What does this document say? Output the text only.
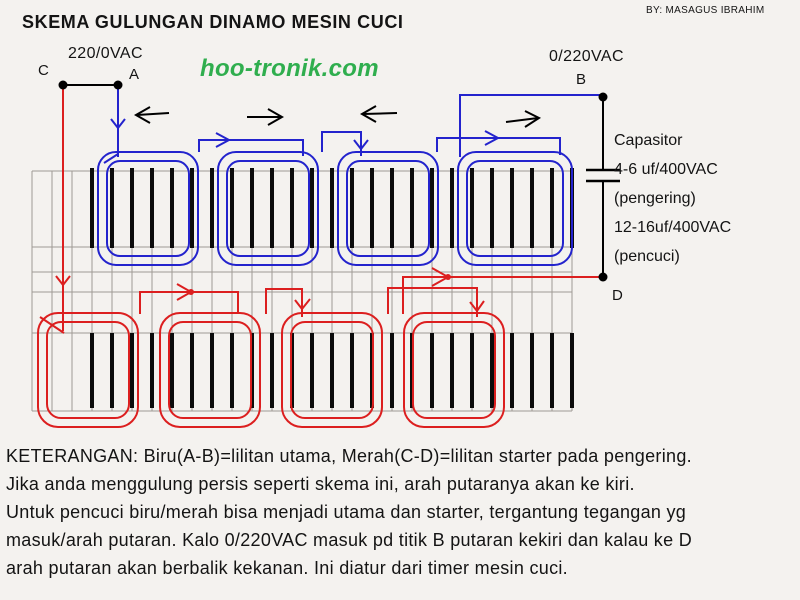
SKEMA GULUNGAN DINAMO MESIN CUCI
BY: MASAGUS IBRAHIM
220/0VAC
hoo-tronik.com	0/220VAC
C	A	B
D
Capasitor
4-6 uf/400VAC
(pengering)
12-16uf/400VAC
(pencuci)
KETERANGAN: Biru(A-B)=lilitan utama, Merah(C-D)=lilitan starter pada pengering.
Jika anda menggulung persis seperti skema ini, arah putaranya akan ke kiri.
Untuk pencuci biru/merah bisa menjadi utama dan starter, tergantung tegangan yg
masuk/arah putaran. Kalo 0/220VAC masuk pd titik B putaran kekiri dan kalau ke D
arah putaran akan berbalik kekanan. Ini diatur dari timer mesin cuci.
